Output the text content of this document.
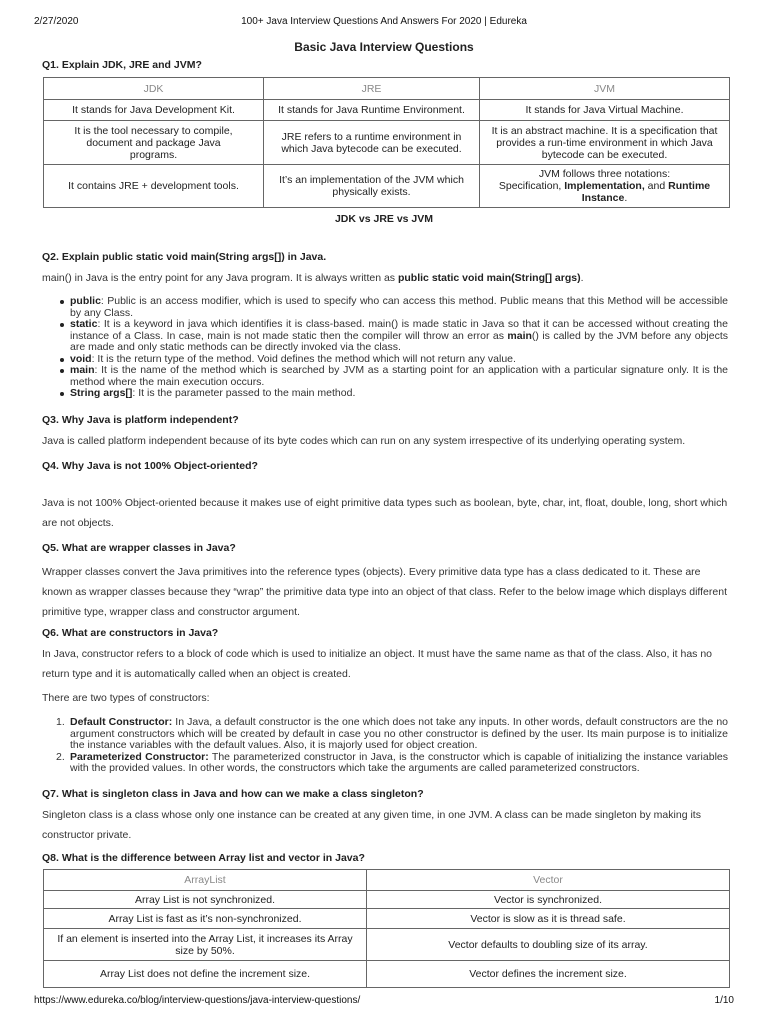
2/27/2020	100+ Java Interview Questions And Answers For 2020 | Edureka
Basic Java Interview Questions
Q1. Explain JDK, JRE and JVM?
JDK	JRE	JVM
It stands for Java Development Kit.	It stands for Java Runtime Environment.	It stands for Java Virtual Machine.
It is the tool necessary to compile, document and package Java programs.	JRE refers to a runtime environment in which Java bytecode can be executed.	It is an abstract machine. It is a specification that provides a run-time environment in which Java bytecode can be executed.
It contains JRE + development tools.	It’s an implementation of the JVM which physically exists.	JVM follows three notations:
Specification, Implementation, and Runtime Instance.
JDK vs JRE vs JVM
Q2. Explain public static void main(String args[]) in Java.
main() in Java is the entry point for any Java program. It is always written as public static void main(String[] args).
public: Public is an access modifier, which is used to specify who can access this method. Public means that this Method will be accessible by any Class.
static: It is a keyword in java which identifies it is class-based. main() is made static in Java so that it can be accessed without creating the instance of a Class. In case, main is not made static then the compiler will throw an error as main() is called by the JVM before any objects are made and only static methods can be directly invoked via the class.
void: It is the return type of the method. Void defines the method which will not return any value.
main: It is the name of the method which is searched by JVM as a starting point for an application with a particular signature only. It is the method where the main execution occurs.
String args[]: It is the parameter passed to the main method.
Q3. Why Java is platform independent?
Java is called platform independent because of its byte codes which can run on any system irrespective of its underlying operating system.
Q4. Why Java is not 100% Object-oriented?
Java is not 100% Object-oriented because it makes use of eight primitive data types such as boolean, byte, char, int, float, double, long, short which are not objects.
Q5. What are wrapper classes in Java?
Wrapper classes convert the Java primitives into the reference types (objects). Every primitive data type has a class dedicated to it. These are known as wrapper classes because they “wrap” the primitive data type into an object of that class. Refer to the below image which displays different primitive type, wrapper class and constructor argument.
Q6. What are constructors in Java?
In Java, constructor refers to a block of code which is used to initialize an object. It must have the same name as that of the class. Also, it has no return type and it is automatically called when an object is created.
There are two types of constructors:
1. Default Constructor: In Java, a default constructor is the one which does not take any inputs. In other words, default constructors are the no argument constructors which will be created by default in case you no other constructor is defined by the user. Its main purpose is to initialize the instance variables with the default values. Also, it is majorly used for object creation.
2. Parameterized Constructor: The parameterized constructor in Java, is the constructor which is capable of initializing the instance variables with the provided values. In other words, the constructors which take the arguments are called parameterized constructors.
Q7. What is singleton class in Java and how can we make a class singleton?
Singleton class is a class whose only one instance can be created at any given time, in one JVM. A class can be made singleton by making its constructor private.
Q8. What is the difference between Array list and vector in Java?
ArrayList	Vector
Array List is not synchronized.	Vector is synchronized.
Array List is fast as it’s non-synchronized.	Vector is slow as it is thread safe.
If an element is inserted into the Array List, it increases its Array size by 50%.	Vector defaults to doubling size of its array.
Array List does not define the increment size.	Vector defines the increment size.
https://www.edureka.co/blog/interview-questions/java-interview-questions/	1/10
